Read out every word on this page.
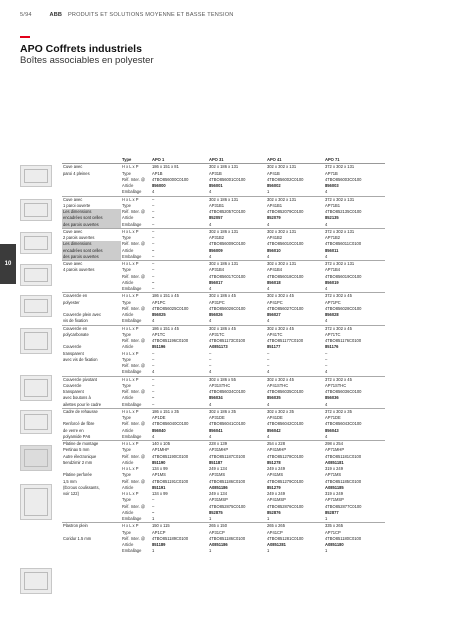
5/94	ABB PRODUITS ET SOLUTIONS MOYENNE ET BASSE TENSION
APO Coffrets industriels
Boîtes associables en polyester
10
	Type	APO 1	APO 31	APO 41	APO 71
Cuve avec	H x L x P	186 x 151 x 81	302 x 186 x 131	302 x 302 x 131	372 x 302 x 131
paroi 4 pleines	Type	AP1B	AP31B	AP41B	AP71B
	Réf. Inter. @	4TBO856000C0100	4TBO856001C0100	4TBO856002C0100	4TBO856003C0100
	Article	856000	856001	856002	856003
	Emballage	4	4	1	4
Cuve avec	H x L x P	–	302 x 186 x 131	302 x 302 x 131	372 x 302 x 131
1 paroi ouverte	Type	–	AP31B1	AP41B1	AP71B1
Les dimensions	Réf. Inter. @	–	4TBO852057C0100	4TBO852079C0100	4TBO852135C0100
encadrées sont celles	Article	–	852057	852079	852135
des parois ouvertes	Emballage	–	4	4	4
Cuve avec	H x L x P	–	302 x 186 x 131	302 x 302 x 131	372 x 302 x 131
2 parois ouvertes	Type	–	AP31B2	AP41B2	AP71B2
Les dimensions	Réf. Inter. @	–	4TBO856009C0100	4TBO856010C0100	4TBO856011C0100
encadrées sont celles	Article	–	856009	856010	856011
des parois ouvertes	Emballage	–	4	4	4
Cuve avec	H x L x P	–	302 x 186 x 131	302 x 302 x 131	372 x 302 x 131
4 parois ouvertes	Type	–	AP31B4	AP41B4	AP71B4
	Réf. Inter. @	–	4TBO856017C0100	4TBO856018C0100	4TBO856019C0100
	Article	–	856017	856018	856019
	Emballage	–	4	4	4
Couvercle en	H x L x P	186 x 151 x 45	302 x 186 x 45	302 x 302 x 45	372 x 302 x 45
polyester	Type	AP1PC	AP31PC	AP41PC	AP71PC
	Réf. Inter. @	4TBO856025C0100	4TBO856026C0100	4TBO856027C0100	4TBO856028C0100
Couvercle plein avec	Article	856025	856026	856027	856028
vis de fixation	Emballage	4	4	4	4
Couvercle en	H x L x P	186 x 151 x 45	302 x 186 x 45	302 x 302 x 45	372 x 302 x 45
polycarbonate	Type	AP1TC	AP31TC	AP41TC	AP71TC
	Réf. Inter. @	4TBO851196C0100	4TBO851173C0100	4TBO851177C0100	4TBO851176C0100
Couvercle	Article	851196	A0851173	851177	851176
transparent	H x L x P	–	–	–	–
avec vis de fixation	Type	–	–	–	–
	Réf. Inter. @	–	–	–	–
	Emballage	4	4	4	4
Couvercle pivotant	H x L x P	–	302 x 186 x 55	302 x 302 x 45	372 x 302 x 45
Couvercle	Type	–	AP31STHC	AP41STHC	AP71STHC
transparent	Réf. Inter. @	–	4TBO856034C0100	4TBO856035C0100	4TBO856036C0100
avec boutons à	Article	–	856034	856035	856036
ailettes pour le cadre	Emballage	–	4	4	4
Cadre de rehausse	H x L x P	186 x 151 x 35	302 x 186 x 35	302 x 302 x 35	372 x 302 x 35
	Type	AP1DE	AP31DE	AP41DE	AP71DE
Renforcé de fibre	Réf. Inter. @	4TBO856040C0100	4TBO856041C0100	4TBO856042C0100	4TBO856043C0100
de verre en	Article	856040	856041	856042	856043
polyamide PA6	Emballage	4	4	4	4
Platine de montage	H x L x P	140 x 105	228 x 139	254 x 228	298 x 254
Pertinax 5 mm	Type	AP1MHP	AP31MHP	AP41MHP	AP71MHP
Autre électronique	Réf. Inter. @	4TBO851190C0100	4TBO851187C0100	4TBO851278C0100	4TBO851181C0100
5endzimir 2 mm	Article	851190	851187	851278	A0851181
	H x L x P	134 x 99	249 x 134	249 x 249	319 x 249
Platine perforée	Type	AP1MS	AP31MS	AP41MS	AP71MS
1,5 mm	Réf. Inter. @	4TBO851191C0100	4TBO851186C0100	4TBO851279C0100	4TBO851185C0100
(Écrous coulissants,	Article	851191	A0851186	851279	A0851185
voir 122)	H x L x P	134 x 99	249 x 134	249 x 249	319 x 249
	Type	–	AP31MSP	AP41MSP	AP71MSP
	Réf. Inter. @	–	4TBO852875C0100	4TBO852876C0100	4TBO852877C0100
	Article	–	852875	852876	852877
	Emballage	1	1	1	1
Plastron plein	H x L x P	150 x 115	265 x 150	265 x 265	335 x 265
	Type	AP1CP	AP31CP	AP41CP	AP71CP
Coridur 1.5 mm	Réf. Inter. @	4TBO851189C0100	4TBO851186C0100	4TBO851281C0100	4TBO851180C0100
	Article	851189	A0851186	A0851281	A0851180
	Emballage	1	1	1	1
